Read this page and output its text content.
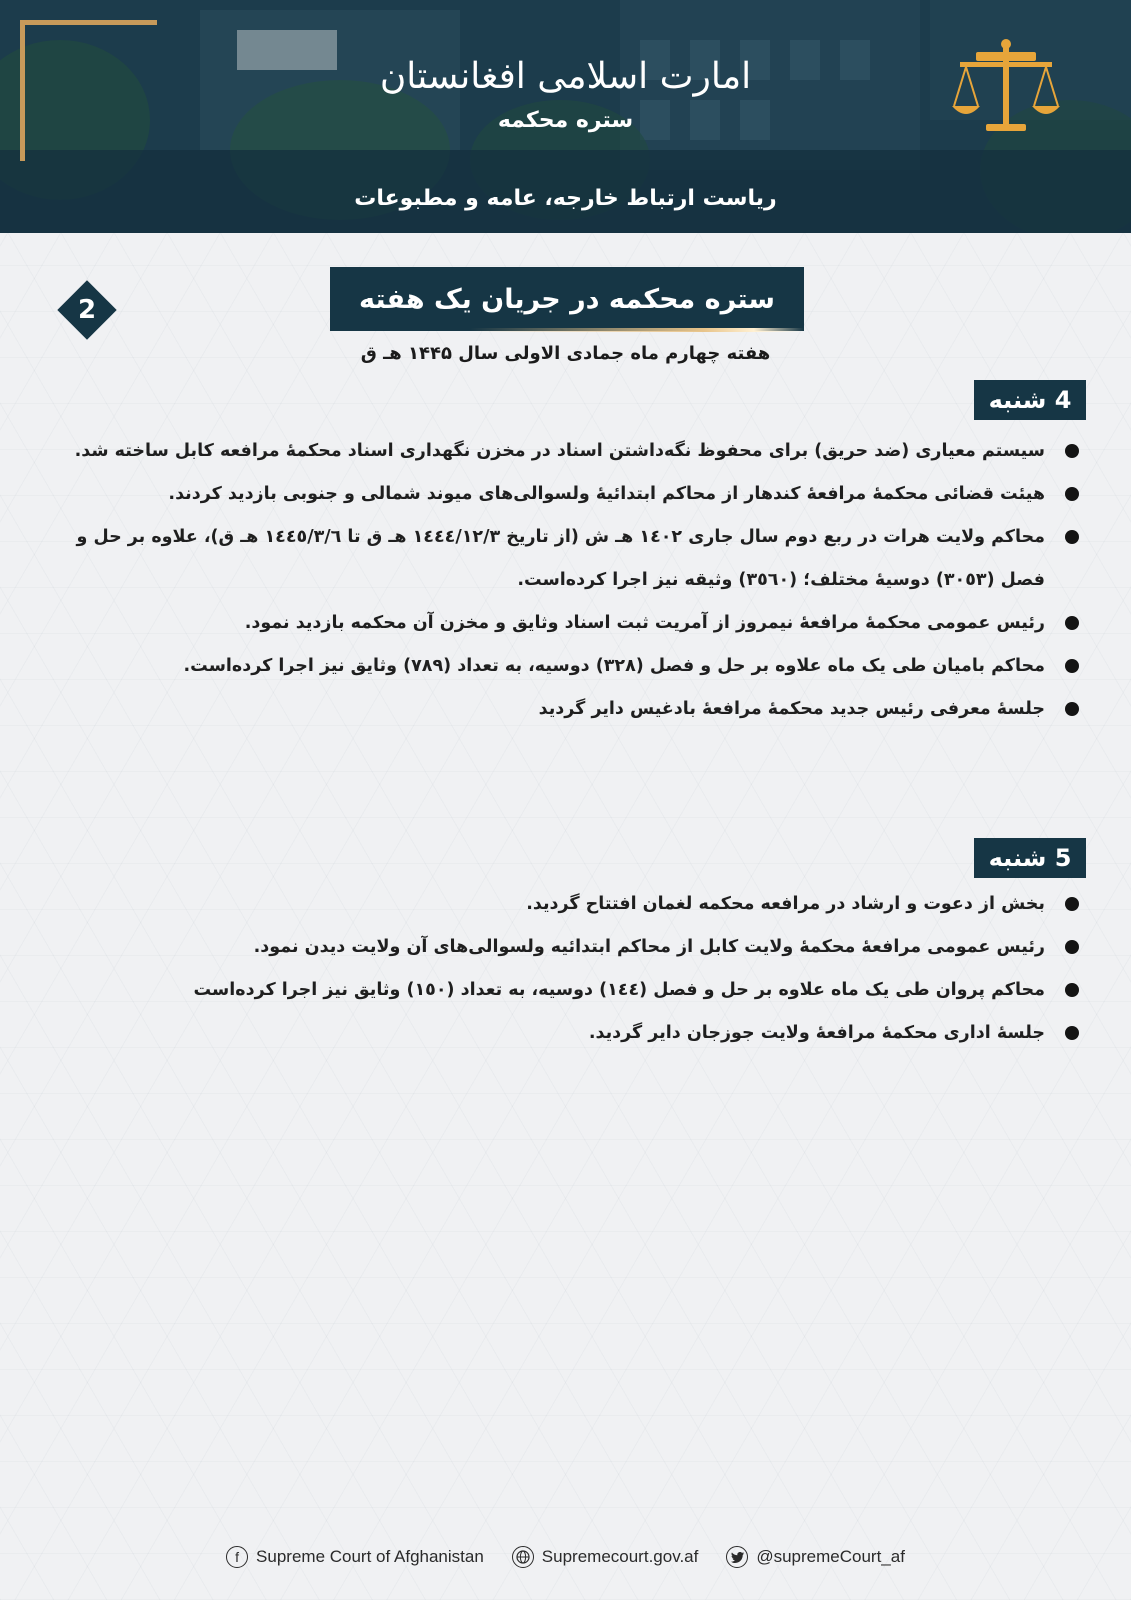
امارت اسلامی افغانستان
ستره محکمه
ریاست ارتباط خارجه، عامه و مطبوعات
ستره محکمه در جریان یک هفته
2
هفته چهارم ماه جمادی الاولی سال ۱۴۴۵ هـ ق
4 شنبه
سیستم معیاری (ضد حریق) برای محفوظ نگه‌داشتن اسناد در مخزن نگهداری اسناد محکمهٔ مرافعه کابل ساخته شد.
هیئت قضائی محکمهٔ مرافعهٔ کندهار از محاکم ابتدائیهٔ ولسوالی‌های میوند شمالی و جنوبی بازدید کردند.
محاکم ولایت هرات در ربع دوم سال جاری ۱٤٠٢ هـ ش (از تاریخ ۱٤٤٤/۱۲/۳ هـ ق تا ۱٤٤٥/۳/٦ هـ ق)، علاوه بر حل و فصل (۳٠٥۳) دوسیهٔ مختلف؛ (۳٥٦٠) وثیقه نیز اجرا کرده‌است.
رئیس عمومی محکمهٔ مرافعهٔ نیمروز از آمریت ثبت اسناد وثایق و مخزن آن محکمه بازدید نمود.
محاکم بامیان طی یک ماه علاوه بر حل و فصل (۳۲۸) دوسیه، به تعداد (۷۸۹) وثایق نیز اجرا کرده‌است.
جلسهٔ معرفی رئیس جدید محکمهٔ مرافعهٔ بادغیس دایر گردید
5 شنبه
بخش از دعوت و ارشاد در مرافعه محکمه لغمان افتتاح گردید.
رئیس عمومی مرافعهٔ محکمهٔ ولایت کابل از محاکم ابتدائیه ولسوالی‌های آن ولایت دیدن نمود.
محاکم پروان طی یک ماه علاوه بر حل و فصل (۱٤٤) دوسیه، به تعداد (۱٥٠) وثایق نیز اجرا کرده‌است
جلسهٔ اداری محکمهٔ مرافعهٔ ولایت جوزجان دایر گردید.
f	Supreme Court of Afghanistan	Supremecourt.gov.af	@supremeCourt_af
